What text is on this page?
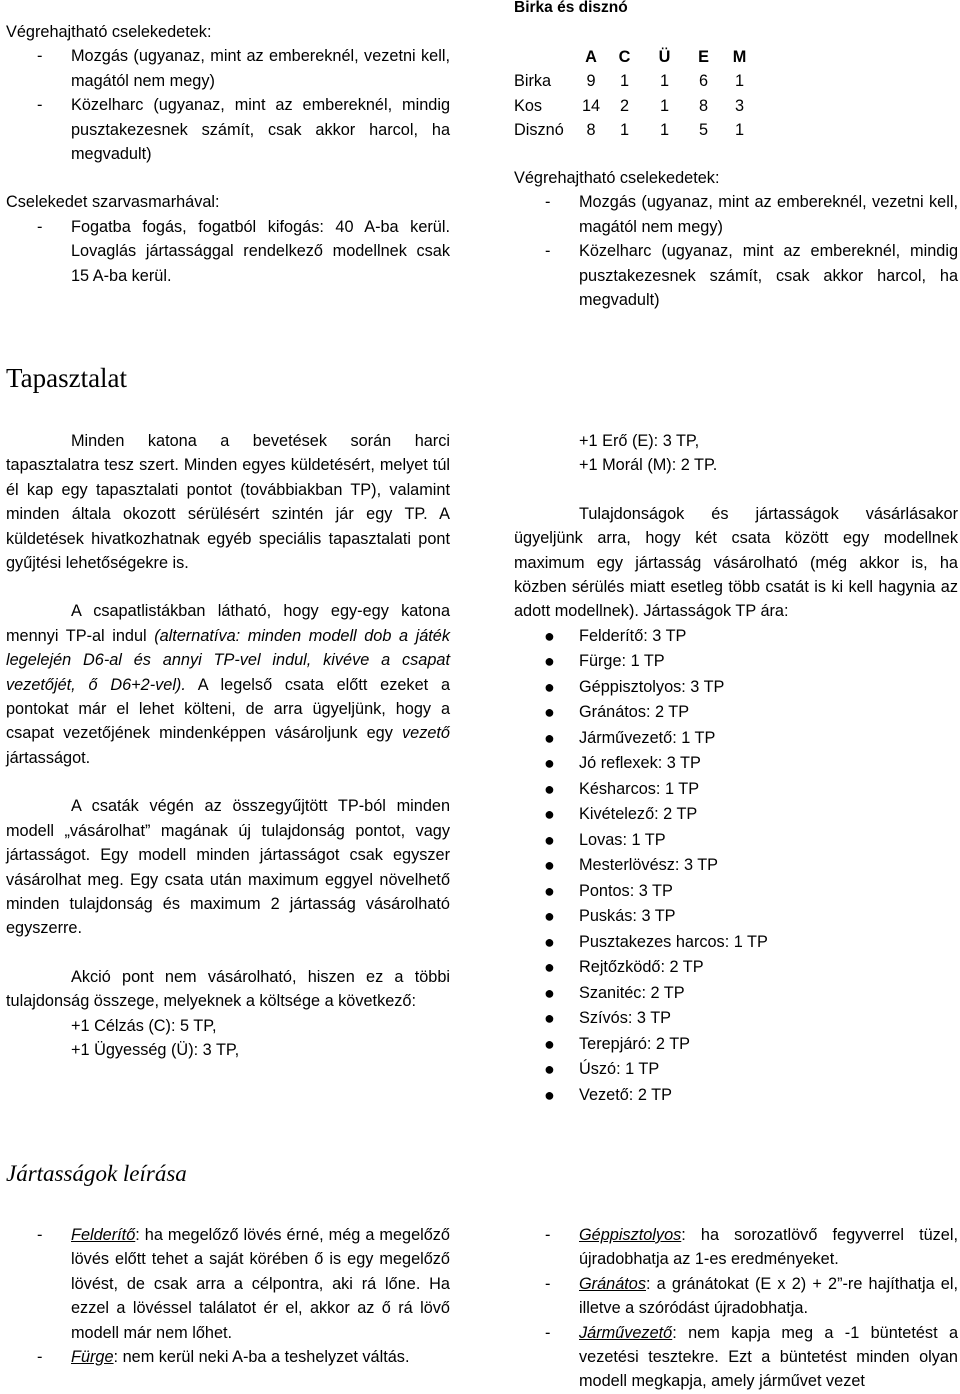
Végrehajtható cselekedetek:

- Mozgás (ugyanaz, mint az embereknél, vezetni kell, magától nem megy)
- Közelharc (ugyanaz, mint az embereknél, mindig pusztakezesnek számít, csak akkor harcol, ha megvadult)

Cselekedet szarvasmarhával:

- Fogatba fogás, fogatból kifogás: 40 A-ba kerül. Lovaglás jártassággal rendelkező modellnek csak 15 A-ba kerül.
Birka és disznó
	A	C	Ü	E	M
Birka	9	1	1	6	1
Kos	14	2	1	8	3
Disznó	8	1	1	5	1

Végrehajtható cselekedetek:

- Mozgás (ugyanaz, mint az embereknél, vezetni kell, magától nem megy)
- Közelharc (ugyanaz, mint az embereknél, mindig pusztakezesnek számít, csak akkor harcol, ha megvadult)
Tapasztalat

Minden katona a bevetések során harci tapasztalatra tesz szert. Minden egyes küldetésért, melyet túl él kap egy tapasztalati pontot (továbbiakban TP), valamint minden általa okozott sérülésért szintén jár egy TP. A küldetések hivatkozhatnak egyéb speciális tapasztalati pont gyűjtési lehetőségekre is.

A csapatlistákban látható, hogy egy-egy katona mennyi TP-al indul (alternatíva: minden modell dob a játék legelején D6-al és annyi TP-vel indul, kivéve a csapat vezetőjét, ő D6+2-vel). A legelső csata előtt ezeket a pontokat már el lehet költeni, de arra ügyeljünk, hogy a csapat vezetőjének mindenképpen vásároljunk egy vezető jártasságot.

A csaták végén az összegyűjtött TP-ból minden modell „vásárolhat” magának új tulajdonság pontot, vagy jártasságot. Egy modell minden jártasságot csak egyszer vásárolhat meg. Egy csata után maximum eggyel növelhető minden tulajdonság és maximum 2 jártasság vásárolható egyszerre.

Akció pont nem vásárolható, hiszen ez a többi tulajdonság összege, melyeknek a költsége a következő:

+1 Célzás (C): 5 TP,
+1 Ügyesség (Ü): 3 TP,
+1 Erő (E): 3 TP,
+1 Morál (M): 2 TP.

Tulajdonságok és jártasságok vásárlásakor ügyeljünk arra, hogy két csata között egy modellnek maximum egy jártasság vásárolható (még akkor is, ha közben sérülés miatt esetleg több csatát is ki kell hagynia az adott modellnek). Jártasságok TP ára:

● Felderítő: 3 TP
● Fürge: 1 TP
● Géppisztolyos: 3 TP
● Gránátos: 2 TP
● Járművezető: 1 TP
● Jó reflexek: 3 TP
● Késharcos: 1 TP
● Kivételező: 2 TP
● Lovas: 1 TP
● Mesterlövész: 3 TP
● Pontos: 3 TP
● Puskás: 3 TP
● Pusztakezes harcos: 1 TP
● Rejtőzködő: 2 TP
● Szanitéc: 2 TP
● Szívós: 3 TP
● Terepjáró: 2 TP
● Úszó: 1 TP
● Vezető: 2 TP
Jártasságok leírása
- Felderítő: ha megelőző lövés érné, még a megelőző lövés előtt tehet a saját körében ő is egy megelőző lövést, de csak arra a célpontra, aki rá lőne. Ha ezzel a lövéssel találatot ér el, akkor az ő rá lövő modell már nem lőhet.
- Fürge: nem kerül neki A-ba a teshelyzet váltás.
- Géppisztolyos: ha sorozatlövő fegyverrel tüzel, újradobhatja az 1-es eredményeket.
- Gránátos: a gránátokat (E x 2) + 2”-re hajíthatja el, illetve a szóródást újradobhatja.
- Járművezető: nem kapja meg a -1 büntetést a vezetési tesztekre. Ezt a büntetést minden olyan modell megkapja, amely járművet vezet
